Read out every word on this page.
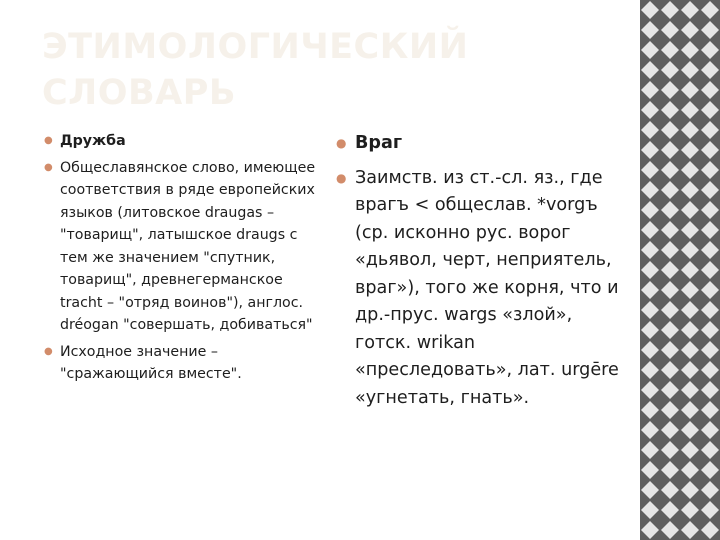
ЭТИМОЛОГИЧЕСКИЙ СЛОВАРЬ
● Дружба
● Общеславянское слово, имеющее соответствия в ряде европейских языков (литовское draugas – "товарищ", латышское draugs с тем же значением "спутник, товарищ", древнегерманское tracht – "отряд воинов"), англос. dréogan "совершать, добиваться"
● Исходное значение – "сражающийся вместе".
● Враг
● Заимств. из ст.-сл. яз., где врагъ < общеслав. *vorgъ (ср. исконно рус. ворог «дьявол, черт, неприятель, враг»), того же корня, что и др.-прус. wargs «злой», готск. wrikan «преследовать», лат. urgēre «угнетать, гнать».
